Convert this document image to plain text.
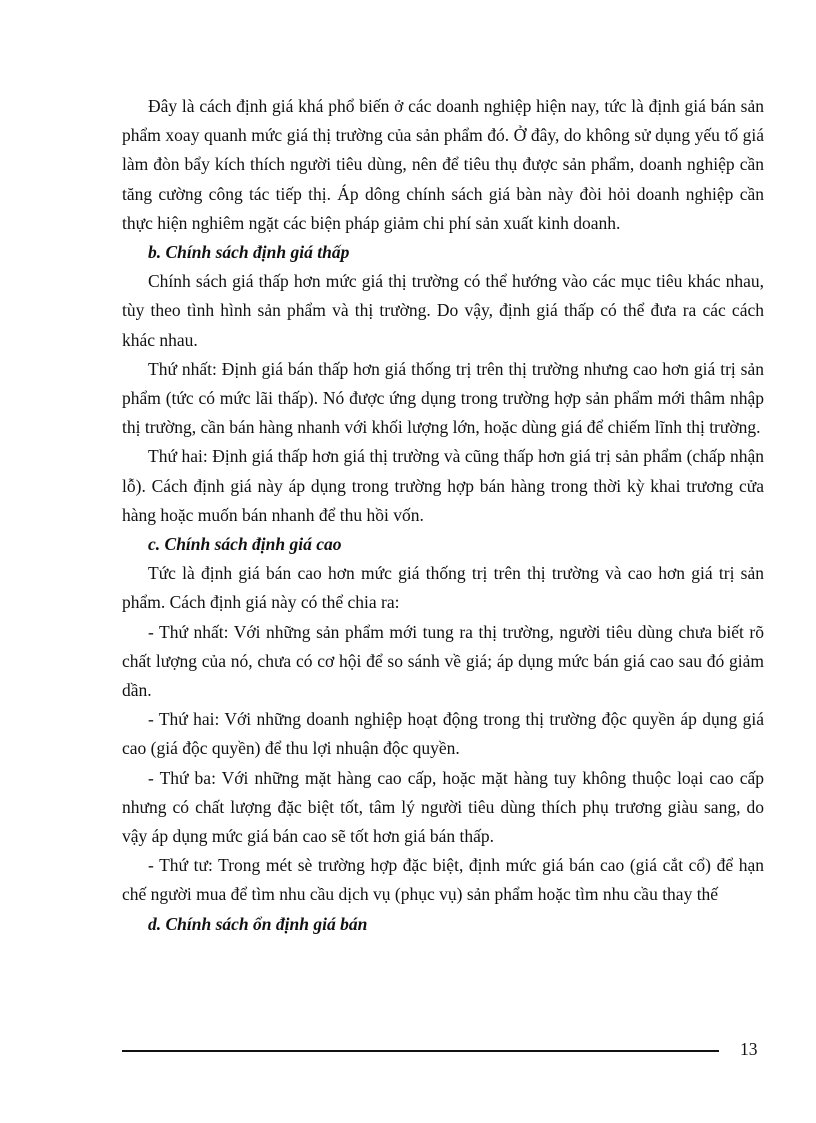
Đây là cách định giá khá phổ biến ở các doanh nghiệp hiện nay, tức là định giá bán sản phẩm xoay quanh mức giá thị trường của sản phẩm đó. Ở đây, do không sử dụng yếu tố giá làm đòn bẩy kích thích người tiêu dùng, nên để tiêu thụ được sản phẩm, doanh nghiệp cần tăng cường công tác tiếp thị. Áp dông chính sách giá bàn này đòi hỏi doanh nghiệp cần thực hiện nghiêm ngặt các biện pháp giảm chi phí sản xuất kinh doanh.

b. Chính sách định giá thấp

Chính sách giá thấp hơn mức giá thị trường có thể hướng vào các mục tiêu khác nhau, tùy theo tình hình sản phẩm và thị trường. Do vậy, định giá thấp có thể đưa ra các cách khác nhau.

Thứ nhất: Định giá bán thấp hơn giá thống trị trên thị trường nhưng cao hơn giá trị sản phẩm (tức có mức lãi thấp). Nó được ứng dụng trong trường hợp sản phẩm mới thâm nhập thị trường, cần bán hàng nhanh với khối lượng lớn, hoặc dùng giá để chiếm lĩnh thị trường.

Thứ hai: Định giá thấp hơn giá thị trường và cũng thấp hơn giá trị sản phẩm (chấp nhận lỗ). Cách định giá này áp dụng trong trường hợp bán hàng trong thời kỳ khai trương cửa hàng hoặc muốn bán nhanh để thu hồi vốn.

c. Chính sách định giá cao

Tức là định giá bán cao hơn mức giá thống trị trên thị trường và cao hơn giá trị sản phẩm. Cách định giá này có thể chia ra:

- Thứ nhất: Với những sản phẩm mới tung ra thị trường, người tiêu dùng chưa biết rõ chất lượng của nó, chưa có cơ hội để so sánh về giá; áp dụng mức bán giá cao sau đó giảm dần.

- Thứ hai: Với những doanh nghiệp hoạt động trong thị trường độc quyền áp dụng giá cao (giá độc quyền) để thu lợi nhuận độc quyền.

- Thứ ba: Với những mặt hàng cao cấp, hoặc mặt hàng tuy không thuộc loại cao cấp nhưng có chất lượng đặc biệt tốt, tâm lý người tiêu dùng thích phụ trương giàu sang, do vậy áp dụng mức giá bán cao sẽ tốt hơn giá bán thấp.

- Thứ tư: Trong mét sè trường hợp đặc biệt, định mức giá bán cao (giá cắt cổ) để hạn chế người mua để tìm nhu cầu dịch vụ (phục vụ) sản phẩm hoặc tìm nhu cầu thay thế

d. Chính sách ổn định giá bán

13
